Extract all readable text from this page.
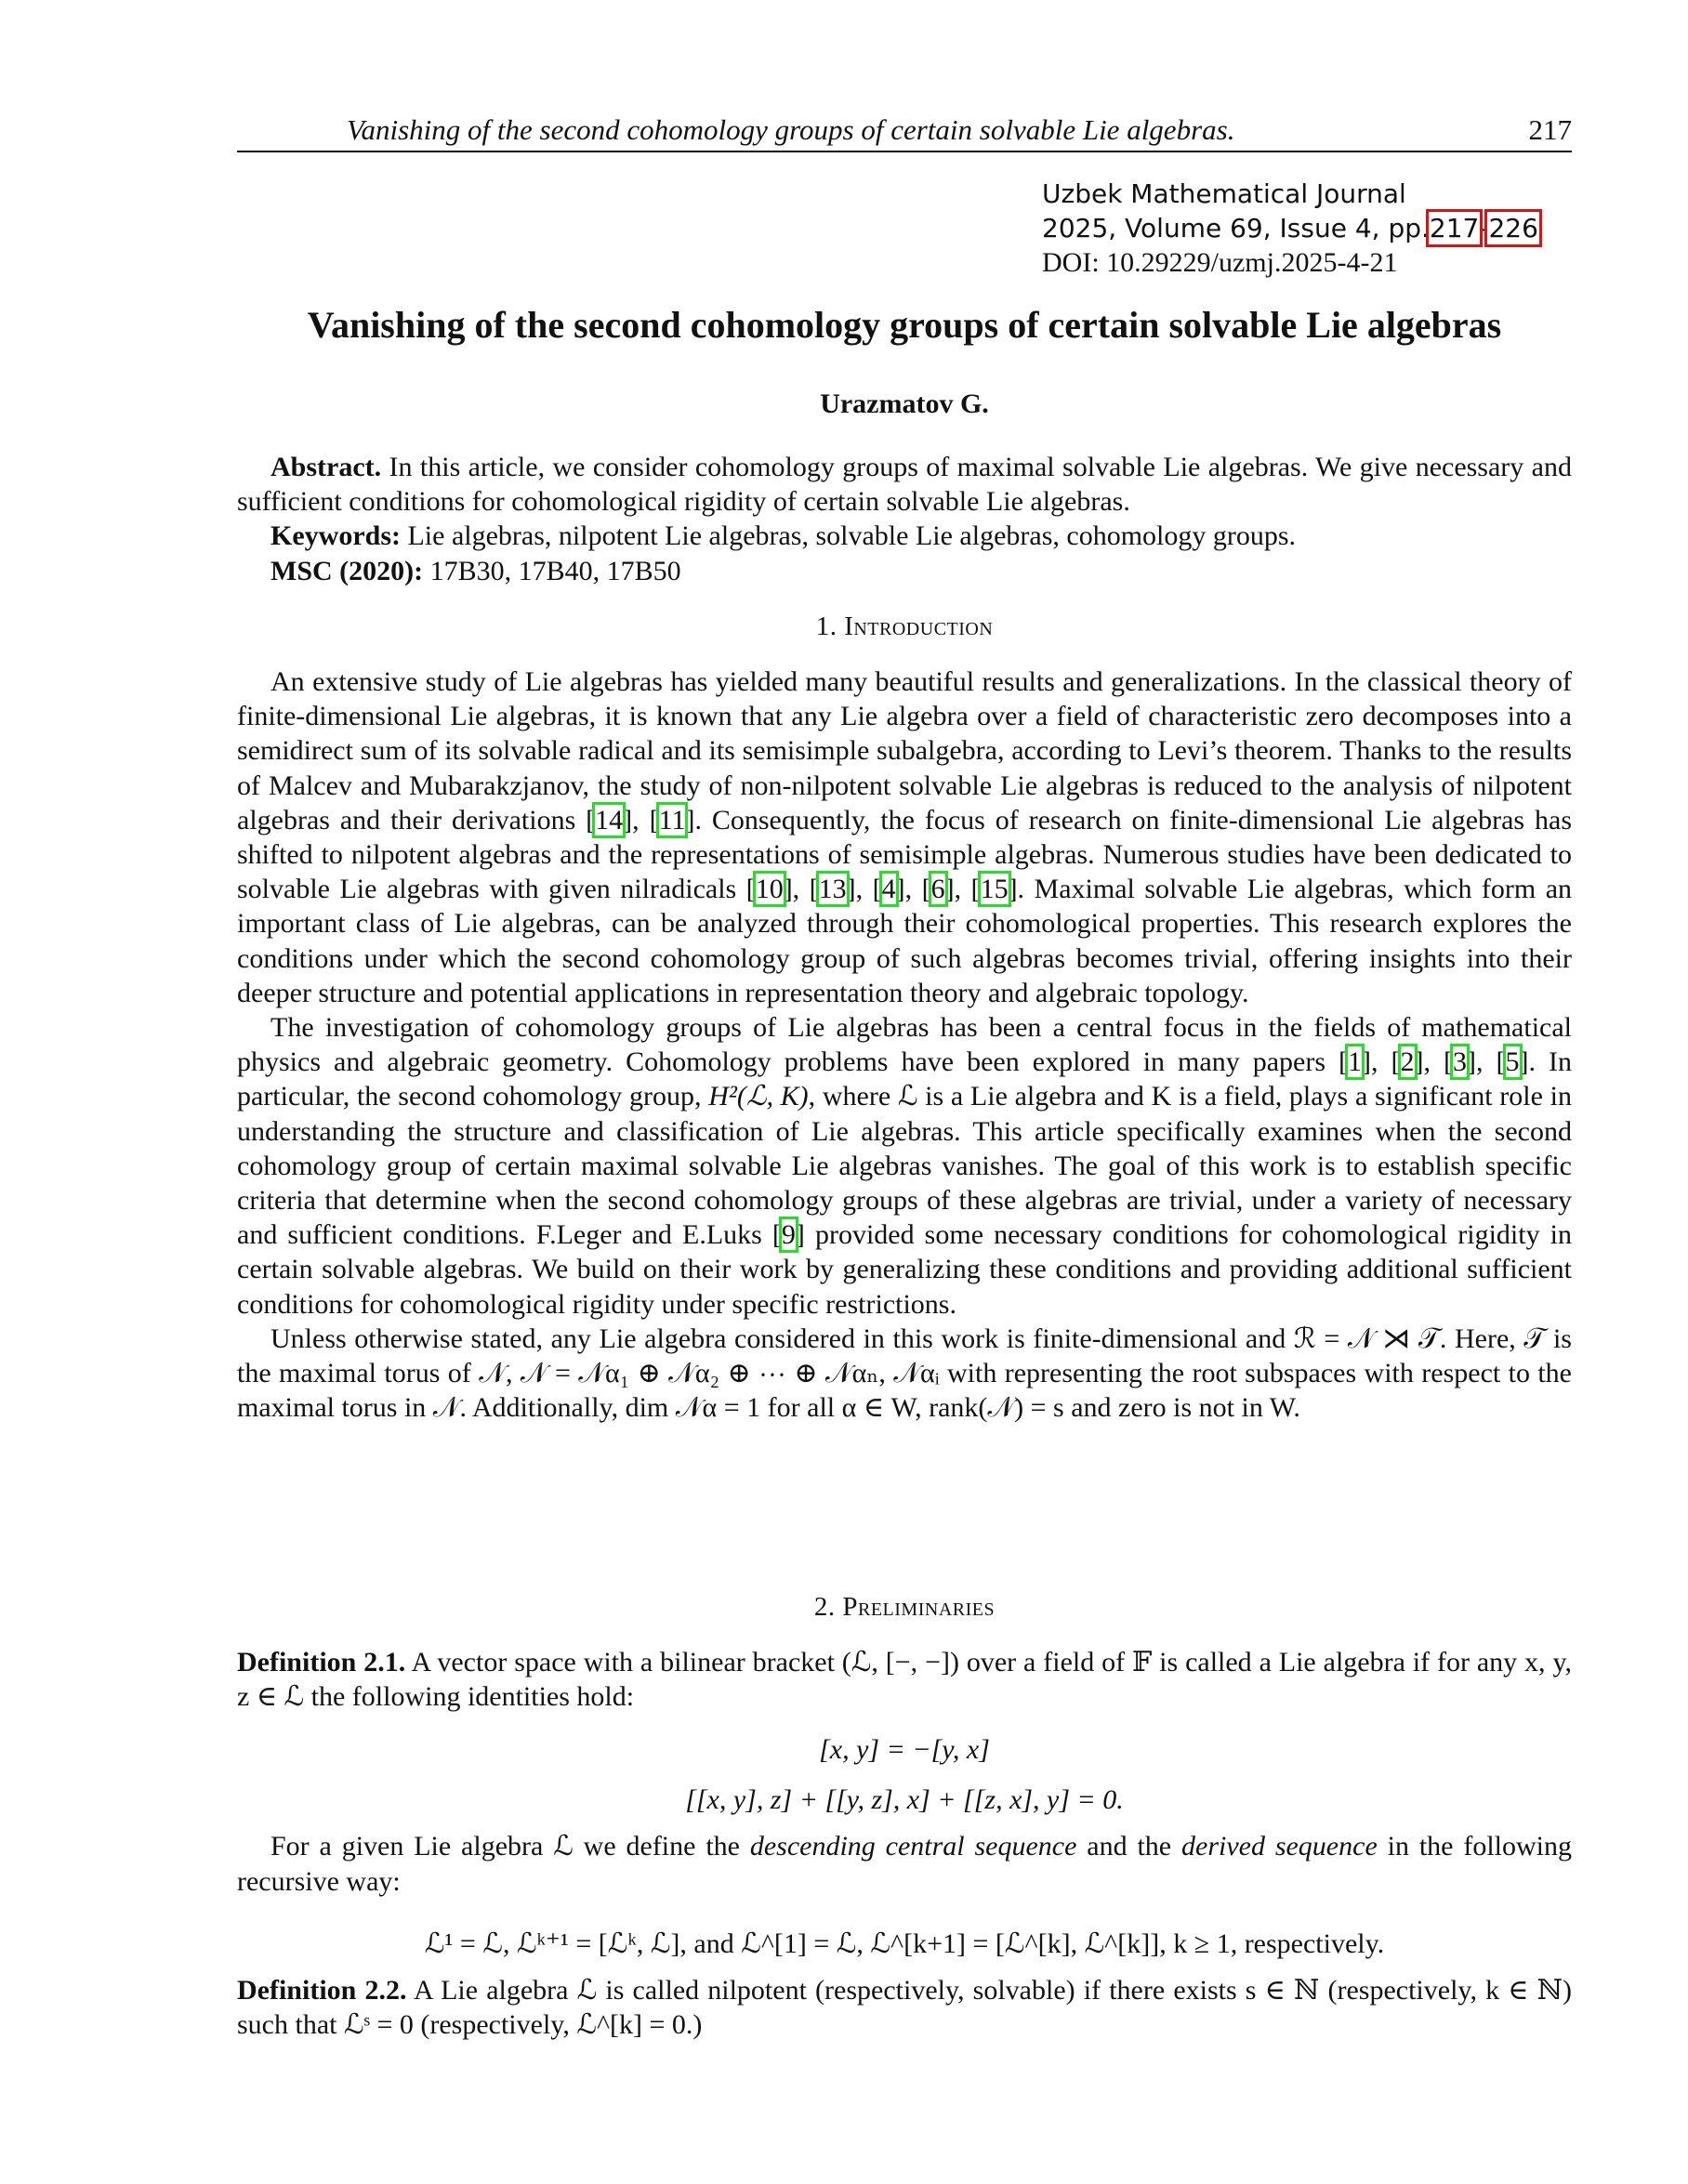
Vanishing of the second cohomology groups of certain solvable Lie algebras.	217
Uzbek Mathematical Journal
2025, Volume 69, Issue 4, pp.217-226
DOI: 10.29229/uzmj.2025-4-21
Vanishing of the second cohomology groups of certain solvable Lie algebras
Urazmatov G.

Abstract. In this article, we consider cohomology groups of maximal solvable Lie algebras. We give necessary and sufficient conditions for cohomological rigidity of certain solvable Lie algebras.

Keywords: Lie algebras, nilpotent Lie algebras, solvable Lie algebras, cohomology groups.

MSC (2020): 17B30, 17B40, 17B50

1. Introduction

An extensive study of Lie algebras has yielded many beautiful results and generalizations. In the classical theory of finite-dimensional Lie algebras, it is known that any Lie algebra over a field of characteristic zero decomposes into a semidirect sum of its solvable radical and its semisimple subalgebra, according to Levi’s theorem. Thanks to the results of Malcev and Mubarakzjanov, the study of non-nilpotent solvable Lie algebras is reduced to the analysis of nilpotent algebras and their derivations [14], [11]. Consequently, the focus of research on finite-dimensional Lie algebras has shifted to nilpotent algebras and the representations of semisimple algebras. Numerous studies have been dedicated to solvable Lie algebras with given nilradicals [10], [13], [4], [6], [15]. Maximal solvable Lie algebras, which form an important class of Lie algebras, can be analyzed through their cohomological properties. This research explores the conditions under which the second cohomology group of such algebras becomes trivial, offering insights into their deeper structure and potential applications in representation theory and algebraic topology.

The investigation of cohomology groups of Lie algebras has been a central focus in the fields of mathematical physics and algebraic geometry. Cohomology problems have been explored in many papers [1], [2], [3], [5]. In particular, the second cohomology group, H²(ℒ, K), where ℒ is a Lie algebra and K is a field, plays a significant role in understanding the structure and classification of Lie algebras. This article specifically examines when the second cohomology group of certain maximal solvable Lie algebras vanishes. The goal of this work is to establish specific criteria that determine when the second cohomology groups of these algebras are trivial, under a variety of necessary and sufficient conditions. F.Leger and E.Luks [9] provided some necessary conditions for cohomological rigidity in certain solvable algebras. We build on their work by generalizing these conditions and providing additional sufficient conditions for cohomological rigidity under specific restrictions.

Unless otherwise stated, any Lie algebra considered in this work is finite-dimensional and ℛ = 𝒩 ⋊ 𝒯. Here, 𝒯 is the maximal torus of 𝒩, 𝒩 = 𝒩α₁ ⊕ 𝒩α₂ ⊕ ⋯ ⊕ 𝒩αₙ, 𝒩αᵢ with representing the root subspaces with respect to the maximal torus in 𝒩. Additionally, dim 𝒩α = 1 for all α ∈ W, rank(𝒩) = s and zero is not in W.

2. Preliminaries

Definition 2.1. A vector space with a bilinear bracket (ℒ, [−, −]) over a field of 𝔽 is called a Lie algebra if for any x, y, z ∈ ℒ the following identities hold:

[x, y] = −[y, x]
[[x, y], z] + [[y, z], x] + [[z, x], y] = 0.

For a given Lie algebra ℒ we define the descending central sequence and the derived sequence in the following recursive way:

ℒ¹ = ℒ, ℒᵏ⁺¹ = [ℒᵏ, ℒ], and ℒ^[1] = ℒ, ℒ^[k+1] = [ℒ^[k], ℒ^[k]], k ≥ 1, respectively.

Definition 2.2. A Lie algebra ℒ is called nilpotent (respectively, solvable) if there exists s ∈ ℕ (respectively, k ∈ ℕ) such that ℒˢ = 0 (respectively, ℒ^[k] = 0.)
